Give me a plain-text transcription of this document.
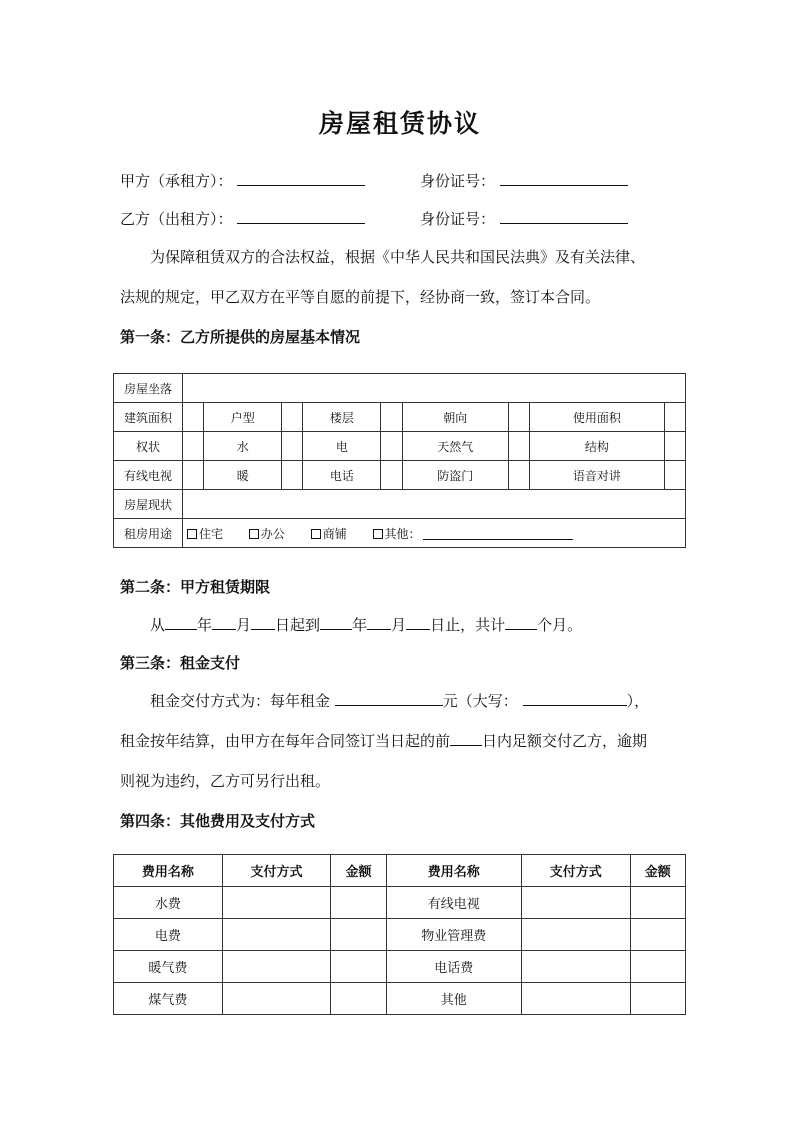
房屋租赁协议
甲方（承租方）：	身份证号：
乙方（出租方）：	身份证号：
为保障租赁双方的合法权益，根据《中华人民共和国民法典》及有关法律、
法规的规定，甲乙双方在平等自愿的前提下，经协商一致，签订本合同。
第一条：乙方所提供的房屋基本情况
房屋坐落									
建筑面积		户型		楼层		朝向		使用面积	
权状		水		电		天然气		结构	
有线电视		暖		电话		防盗门		语音对讲	
房屋现状									
租房用途	住宅 办公 商铺 其他：								
第二条：甲方租赁期限
从 年 月 日起到 年 月 日止，共计 个月。
第三条：租金支付
租金交付方式为：每年租金	元（大写：	），
租金按年结算，由甲方在每年合同签订当日起的前 日内足额交付乙方，逾期
则视为违约，乙方可另行出租。
第四条：其他费用及支付方式
费用名称	支付方式	金额	费用名称	支付方式	金额
水费			有线电视		
电费			物业管理费		
暖气费			电话费		
煤气费			其他		
